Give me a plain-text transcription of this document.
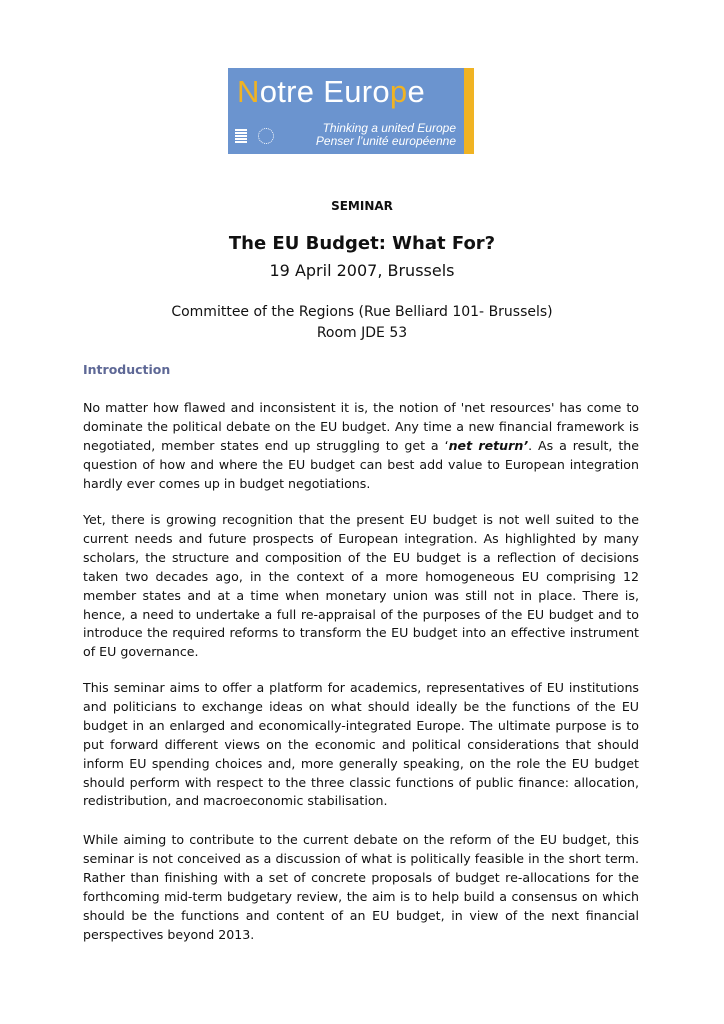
Notre Europe
Thinking a united Europe
Penser l’unité européenne
SEMINAR
The EU Budget: What For?
19 April 2007, Brussels
Committee of the Regions (Rue Belliard 101- Brussels)
Room JDE 53
Introduction
No matter how flawed and inconsistent it is, the notion of 'net resources' has come to dominate the political debate on the EU budget. Any time a new financial framework is negotiated, member states end up struggling to get a ‘net return’. As a result, the question of how and where the EU budget can best add value to European integration hardly ever comes up in budget negotiations.
Yet, there is growing recognition that the present EU budget is not well suited to the current needs and future prospects of European integration. As highlighted by many scholars, the structure and composition of the EU budget is a reflection of decisions taken two decades ago, in the context of a more homogeneous EU comprising 12 member states and at a time when monetary union was still not in place. There is, hence, a need to undertake a full re-appraisal of the purposes of the EU budget and to introduce the required reforms to transform the EU budget into an effective instrument of EU governance.
This seminar aims to offer a platform for academics, representatives of EU institutions and politicians to exchange ideas on what should ideally be the functions of the EU budget in an enlarged and economically-integrated Europe. The ultimate purpose is to put forward different views on the economic and political considerations that should inform EU spending choices and, more generally speaking, on the role the EU budget should perform with respect to the three classic functions of public finance: allocation, redistribution, and macroeconomic stabilisation.
While aiming to contribute to the current debate on the reform of the EU budget, this seminar is not conceived as a discussion of what is politically feasible in the short term. Rather than finishing with a set of concrete proposals of budget re-allocations for the forthcoming mid-term budgetary review, the aim is to help build a consensus on which should be the functions and content of an EU budget, in view of the next financial perspectives beyond 2013.
